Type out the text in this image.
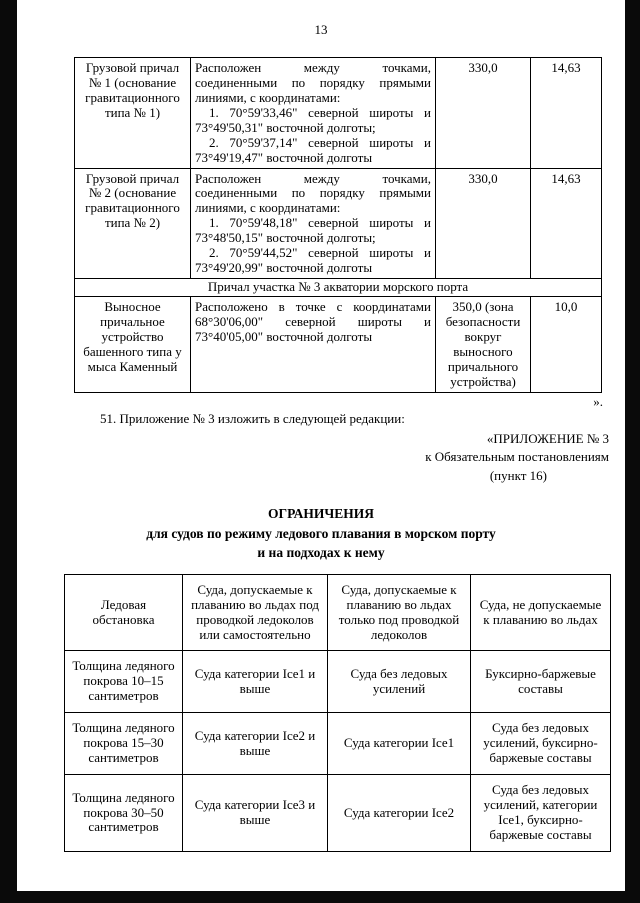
13
Грузовой причал № 1 (основание гравитационного типа № 1)	Расположен между точками, соединенными по порядку прямыми линиями, с координатами:
1. 70°59'33,46" северной широты и 73°49'50,31" восточной долготы;
2. 70°59'37,14" северной широты и 73°49'19,47" восточной долготы	330,0	14,63
Грузовой причал № 2 (основание гравитационного типа № 2)	Расположен между точками, соединенными по порядку прямыми линиями, с координатами:
1. 70°59'48,18" северной широты и 73°48'50,15" восточной долготы;
2. 70°59'44,52" северной широты и 73°49'20,99" восточной долготы	330,0	14,63
Причал участка № 3 акватории морского порта			
Выносное причальное устройство башенного типа у мыса Каменный	Расположено в точке с координатами 68°30'06,00" северной широты и 73°40'05,00" восточной долготы	350,0 (зона безопасности вокруг выносного причального устройства)	10,0
».
51. Приложение № 3 изложить в следующей редакции:
«ПРИЛОЖЕНИЕ № 3
к Обязательным постановлениям
(пункт 16)
ОГРАНИЧЕНИЯ
для судов по режиму ледового плавания в морском порту
и на подходах к нему
Ледовая обстановка	Суда, допускаемые к плаванию во льдах под проводкой ледоколов или самостоятельно	Суда, допускаемые к плаванию во льдах только под проводкой ледоколов	Суда, не допускаемые к плаванию во льдах
Толщина ледяного покрова 10–15 сантиметров	Суда категории Ice1 и выше	Суда без ледовых усилений	Буксирно-баржевые составы
Толщина ледяного покрова 15–30 сантиметров	Суда категории Ice2 и выше	Суда категории Ice1	Суда без ледовых усилений, буксирно-баржевые составы
Толщина ледяного покрова 30–50 сантиметров	Суда категории Ice3 и выше	Суда категории Ice2	Суда без ледовых усилений, категории Ice1, буксирно-баржевые составы
